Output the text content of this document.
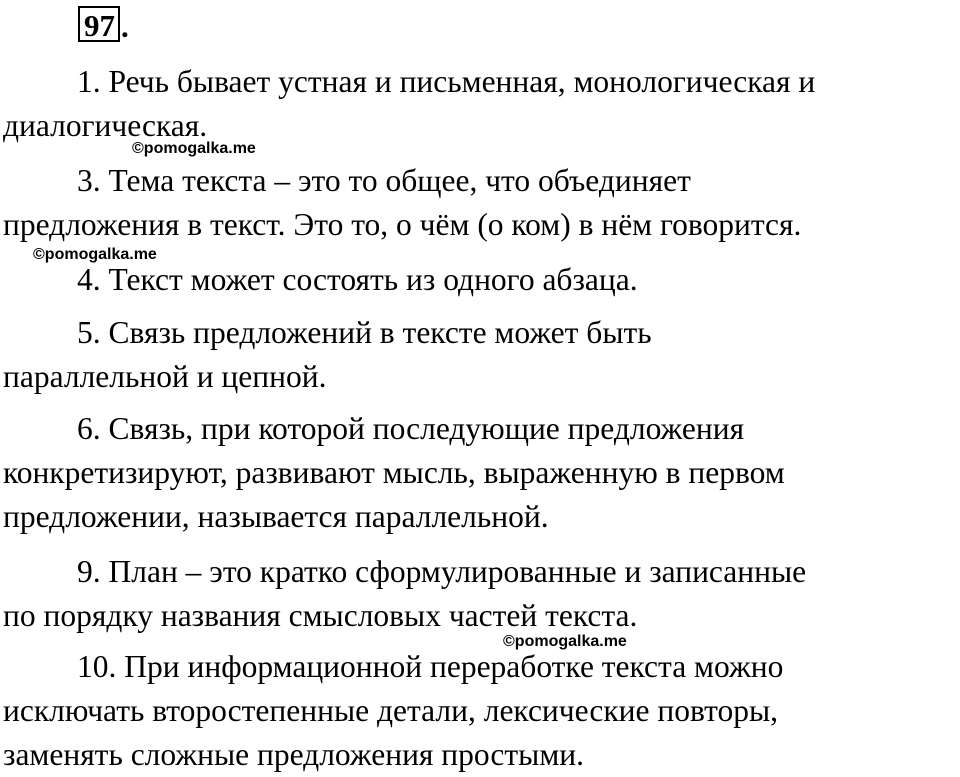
97 .

1. Речь бывает устная и письменная, монологическая и
диалогическая.

©pomogalka.me

3. Тема текста – это то общее, что объединяет
предложения в текст. Это то, о чём (о ком) в нём говорится.

©pomogalka.me

4. Текст может состоять из одного абзаца.

5. Связь предложений в тексте может быть
параллельной и цепной.

6. Связь, при которой последующие предложения
конкретизируют, развивают мысль, выраженную в первом
предложении, называется параллельной.

9. План – это кратко сформулированные и записанные
по порядку названия смысловых частей текста.

©pomogalka.me

10. При информационной переработке текста можно
исключать второстепенные детали, лексические повторы,
заменять сложные предложения простыми.
